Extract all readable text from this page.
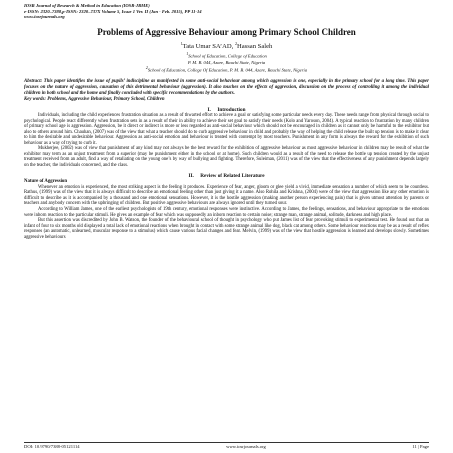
IOSR Journal of Research & Method in Education (IOSR-JRME)
e-ISSN: 2320–7388,p-ISSN: 2320–737X Volume 5, Issue 1 Ver. II (Jan - Feb. 2015), PP 11-14
www.iosrjournals.org
Problems of Aggressive Behaviour among Primary School Children
$^1$Tata Umar SA’AD, $^2$Hassan Saleh
$^1$School of Education, College of Education
P. M. B. 044, Azare, Bauchi State, Nigeria
$^2$School of Education, College Of Education, P. M. B. 044, Azare, Bauchi State, Nigeria
Abstract: This paper identifies the issue of pupils’ indiscipline as manifested in some anti-social behaviour among which aggression is one, especially in the primary school for a long time. This paper focuses on the nature of aggression, causation of this detrimental behaviour (aggression). It also touches on the effects of aggression, discussion on the process of controlling it among the individual children in both school and the home and finally concluded with specific recommendations by the authors.
Key words: Problems, Aggressive Behaviour, Primary School, Children
I. Introduction

Individuals, including the child experiences frustration situation as a result of thwarted effort to achieve a goal or satisfying some particular needs every day. These needs range from physical through social to psychological. People react differently when frustration sets in as a result of their in ability to achieve their set goal to satisfy their needs (Kolo and Yaroson, 2004). A typical reaction to frustration by many children of primary school age is aggression. Aggression, be it direct or indirect is more or less regarded as anti-social behaviour which should not be encouraged in children as it cannot only be harmful to the exhibitor but also to others around him. Chauhan, (2007) was of the view that what a teacher should do to curb aggressive behaviour in child and probably the way of helping the child release the built up tension is to make it clear to him the desirable and undesirable behaviour. Aggression as anti-social emotion and behaviour is treated with contempt by most teachers. Punishment in any form is always the reward for the exhibition of such behaviour as a way of trying to curb it.

Mukherjee, (2002) was of view that punishment of any kind may not always be the best reward for the exhibition of aggressive behaviour as most aggressive behaviour in children may be result of what the exhibitor may term as an unjust treatment from a superior (may be punishment either in the school or at home). Such children would as a result of the need to release the bottle up tension created by the unjust treatment received from an adult, find a way of retaliating on the young one’s by way of bullying and fighting. Therefore, Suleiman, (2011) was of the view that the effectiveness of any punishment depends largely on the teacher, the individuals concerned, and the class.

II. Review of Related Literature
Nature of Aggression

Whenever an emotion is experienced, the most striking aspect is the feeling it produces. Experience of fear, anger, gloom or glee yield a vivid, immediate sensation a number of which seem to be countless. Rathus, (1999) was of the view that it is always difficult to describe an emotional feeling other than just giving it a name. Also Rohila and Krishna, (2004) were of the view that aggression like any other emotion is difficult to describe as it is accompanied by a thousand and one emotional sensations. However, it is the hostile aggression (making another person experiencing pain) that is given utmost attention by parents or teachers and anybody concern with the upbringing of children. But positive aggressive behaviours are always ignored until they turned sour.

According to William James, one of the earliest psychologists of 19th century, emotional responses were instinctive. According to James, the feelings, sensations, and behaviour appropriate to the emotions were inborn reaction to the particular stimuli. He gives an example of fear which was supposedly an inborn reaction to certain noise; strange man, strange animal, solitude, darkness and high place.

But this assertion was discredited by John B. Watson, the founder of the behavioural school of thought in psychology who put James list of fear provoking stimuli to experimental test. He found out that an infant of four to six months old displayed a total lack of emotional reactions when brought in contact with some strange animal like dog, black cat among others. Some behaviour reactions may be as a result of reflex responses (an automatic, unlearned, muscular response to a stimulus) which cause various facial changes and fear. Melvin, (1999) was of the view that hostile aggression is learned and develops slowly. Sometimes aggressive behaviours

DOI: 10.9790/7388-05121114	www.iosrjournals.org	11 | Page
